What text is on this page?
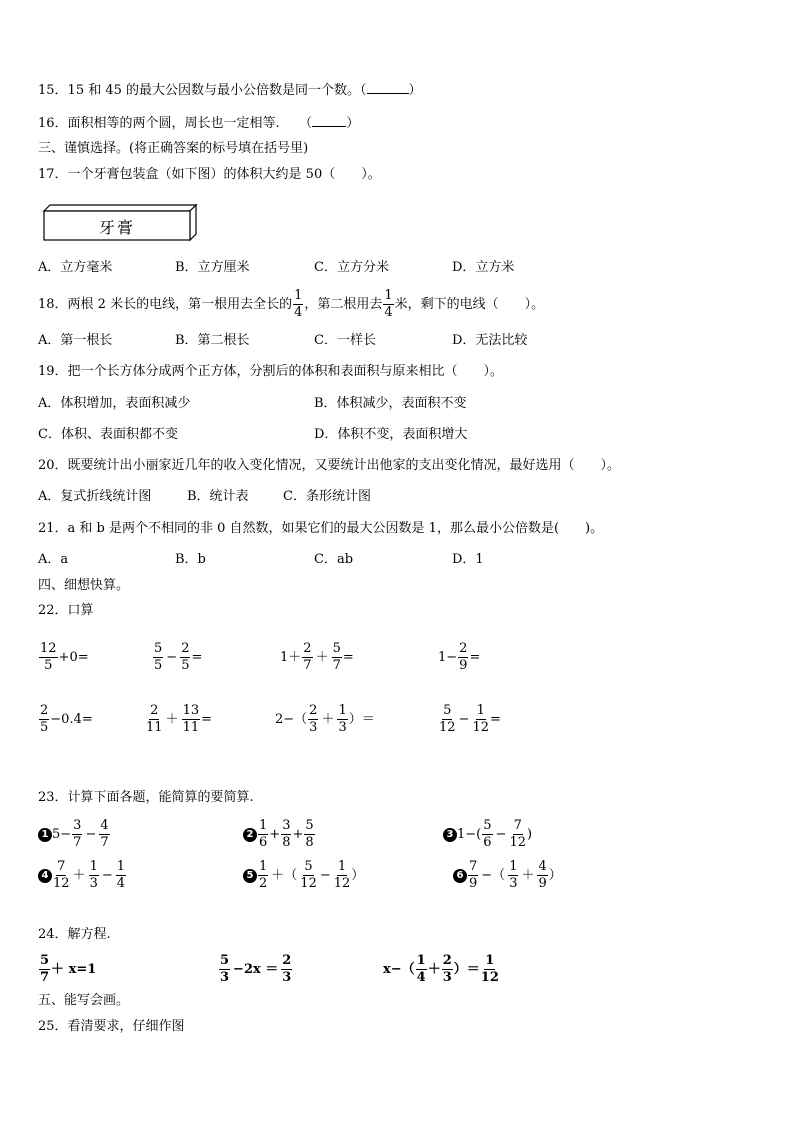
15．15 和 45 的最大公因数与最小公倍数是同一个数。（	）
16．面积相等的两个圆，周长也一定相等.　　（	）
三、谨慎选择。(将正确答案的标号填在括号里)
17．一个牙膏包装盒（如下图）的体积大约是 50（　　）。
牙膏
A．立方毫米	B．立方厘米	C．立方分米	D．立方米
18．两根 2 米长的电线，第一根用去全长的 $\frac{1}{4}$ ，第二根用去 $\frac{1}{4}$ 米，剩下的电线（　　）。
A．第一根长	B．第二根长	C．一样长	D．无法比较
19．把一个长方体分成两个正方体，分割后的体积和表面积与原来相比（　　）。
A．体积增加，表面积减少	B．体积减少，表面积不变
C．体积、表面积都不变	D．体积不变，表面积增大
20．既要统计出小丽家近几年的收入变化情况，又要统计出他家的支出变化情况，最好选用（　　）。
A．复式折线统计图	B．统计表	C．条形统计图
21．a 和 b 是两个不相同的非 0 自然数，如果它们的最大公因数是 1，那么最小公倍数是(　　)。
A．a	B．b	C．ab	D．1
四、细想快算。
22．口算
$\frac{12}{5} +0=$	$\frac{5}{5} - \frac{2}{5}$ =	$1+ \frac{2}{7} + \frac{5}{7}$ =	$1- \frac{2}{9}$ =
$\frac{2}{5} -0.4=$	$\frac{2}{11} + \frac{13}{11}$ =	$2-( \frac{2}{3} + \frac{1}{3}$ ）＝	$\frac{5}{12} - \frac{1}{12}$ =
23．计算下面各题，能简算的要简算.
1 $5- \frac{3}{7} - \frac{4}{7}$	$2 \frac{1}{6} + \frac{3}{8} + \frac{5}{8}$	3 $1-( \frac{5}{6} - \frac{7}{12}$ )
$4 \frac{7}{12} + \frac{1}{3} - \frac{1}{4}$	$5 \frac{1}{2}$ ＋（ $\frac{5}{12} - \frac{1}{12}$ ）	$6 \frac{7}{9}$ −（ $\frac{1}{3} + \frac{4}{9}$ ）
24．解方程.
$\frac{5}{7} + x=1$	$\frac{5}{3} -2x = \frac{2}{3}$	$x-( \frac{1}{4} + \frac{2}{3}$ ）＝ $\frac{1}{12}$
五、能写会画。
25．看清要求，仔细作图
